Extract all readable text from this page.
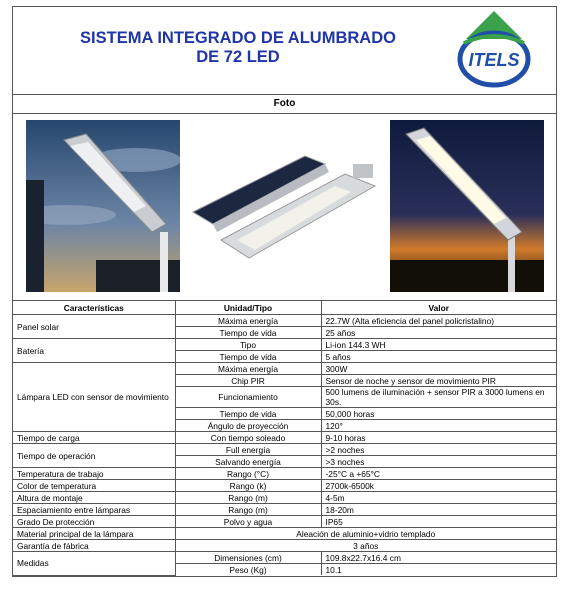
SISTEMA INTEGRADO DE ALUMBRADO
DE 72 LED	ITELS
Foto
Características	Unidad/Tipo	Valor
Panel solar	Máxima energía	22.7W (Alta eficiencia del panel policristalino)
	Tiempo de vida	25 años
Batería	Tipo	Li-ion 144.3 WH
	Tiempo de vida	5 años
Lámpara LED con sensor de movimiento	Máxima energía	300W
	Chip PIR	Sensor de noche y sensor de movimiento PIR
	Funcionamiento	500 lumens de iluminación + sensor PIR a 3000 lumens en 30s.
	Tiempo de vida	50,000 horas
	Ángulo de proyección	120°
Tiempo de carga	Con tiempo soleado	9-10 horas
Tiempo de operación	Full energía	>2 noches
	Salvando energía	>3 noches
Temperatura de trabajo	Rango (°C)	-25°C a +65°C
Color de temperatura	Rango (k)	2700k-6500k
Altura de montaje	Rango (m)	4-5m
Espaciamiento entre lámparas	Rango (m)	18-20m
Grado De protección	Polvo y agua	IP65
Material principal de la lámpara	Aleación de aluminio+vidrio templado	
Garantía de fábrica	3 años	
Medidas	Dimensiones (cm)	109.8x22.7x16.4 cm
	Peso (Kg)	10.1
